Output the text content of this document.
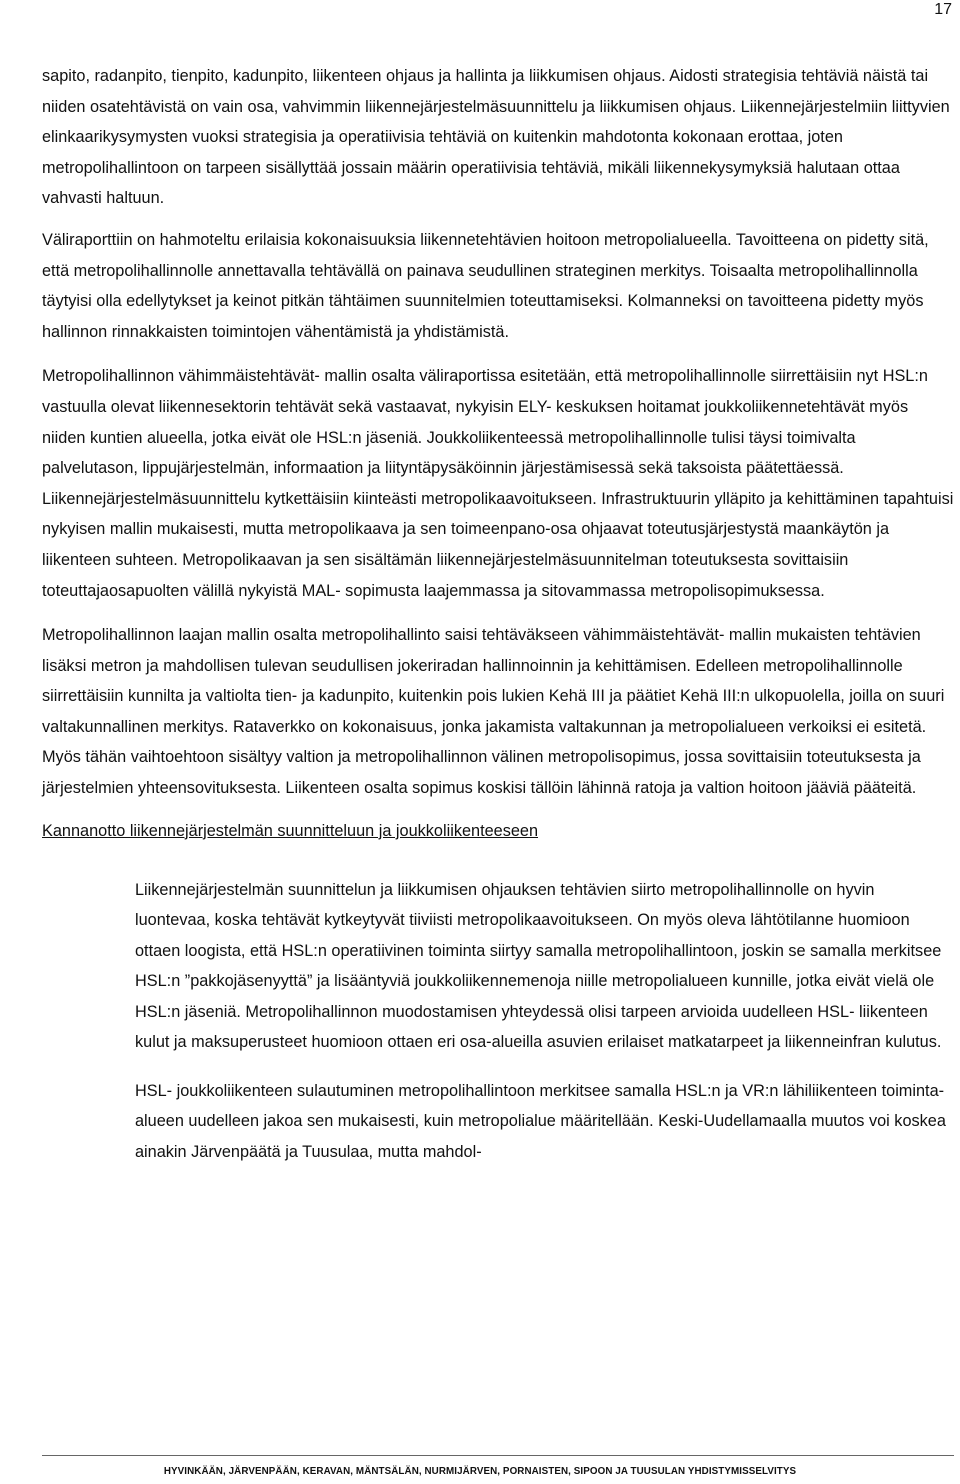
17

sapito, radanpito, tienpito, kadunpito, liikenteen ohjaus ja hallinta ja liikkumisen ohjaus. Aidosti strategisia tehtäviä näistä tai niiden osatehtävistä on vain osa, vahvimmin liikennejärjestelmäsuunnittelu ja liikkumisen ohjaus. Liikennejärjestelmiin liittyvien elinkaarikysymysten vuoksi strategisia ja operatiivisia tehtäviä on kuitenkin mahdotonta kokonaan erottaa, joten metropolihallintoon on tarpeen sisällyttää jossain määrin operatiivisia tehtäviä, mikäli liikennekysymyksiä halutaan ottaa vahvasti haltuun.

Väliraporttiin on hahmoteltu erilaisia kokonaisuuksia liikennetehtävien hoitoon metropolialueella. Tavoitteena on pidetty sitä, että metropolihallinnolle annettavalla tehtävällä on painava seudullinen strateginen merkitys. Toisaalta metropolihallinnolla täytyisi olla edellytykset ja keinot pitkän tähtäimen suunnitelmien toteuttamiseksi. Kolmanneksi on tavoitteena pidetty myös hallinnon rinnakkaisten toimintojen vähentämistä ja yhdistämistä.

Metropolihallinnon vähimmäistehtävät- mallin osalta väliraportissa esitetään, että metropolihallinnolle siirrettäisiin nyt HSL:n vastuulla olevat liikennesektorin tehtävät sekä vastaavat, nykyisin ELY- keskuksen hoitamat joukkoliikennetehtävät myös niiden kuntien alueella, jotka eivät ole HSL:n jäseniä. Joukkoliikenteessä metropolihallinnolle tulisi täysi toimivalta palvelutason, lippujärjestelmän, informaation ja liityntäpysäköinnin järjestämisessä sekä taksoista päätettäessä. Liikennejärjestelmäsuunnittelu kytkettäisiin kiinteästi metropolikaavoitukseen. Infrastruktuurin ylläpito ja kehittäminen tapahtuisi nykyisen mallin mukaisesti, mutta metropolikaava ja sen toimeenpano-osa ohjaavat toteutusjärjestystä maankäytön ja liikenteen suhteen. Metropolikaavan ja sen sisältämän liikennejärjestelmäsuunnitelman toteutuksesta sovittaisiin toteuttajaosapuolten välillä nykyistä MAL- sopimusta laajemmassa ja sitovammassa metropolisopimuksessa.

Metropolihallinnon laajan mallin osalta metropolihallinto saisi tehtäväkseen vähimmäistehtävät- mallin mukaisten tehtävien lisäksi metron ja mahdollisen tulevan seudullisen jokeriradan hallinnoinnin ja kehittämisen. Edelleen metropolihallinnolle siirrettäisiin kunnilta ja valtiolta tien- ja kadunpito, kuitenkin pois lukien Kehä III ja päätiet Kehä III:n ulkopuolella, joilla on suuri valtakunnallinen merkitys. Rataverkko on kokonaisuus, jonka jakamista valtakunnan ja metropolialueen verkoiksi ei esitetä. Myös tähän vaihtoehtoon sisältyy valtion ja metropolihallinnon välinen metropolisopimus, jossa sovittaisiin toteutuksesta ja järjestelmien yhteensovituksesta. Liikenteen osalta sopimus koskisi tällöin lähinnä ratoja ja valtion hoitoon jääviä pääteitä.

Kannanotto liikennejärjestelmän suunnitteluun ja joukkoliikenteeseen

Liikennejärjestelmän suunnittelun ja liikkumisen ohjauksen tehtävien siirto metropolihallinnolle on hyvin luontevaa, koska tehtävät kytkeytyvät tiiviisti metropolikaavoitukseen. On myös oleva lähtötilanne huomioon ottaen loogista, että HSL:n operatiivinen toiminta siirtyy samalla metropolihallintoon, joskin se samalla merkitsee HSL:n ”pakkojäsenyyttä” ja lisääntyviä joukkoliikennemenoja niille metropolialueen kunnille, jotka eivät vielä ole HSL:n jäseniä. Metropolihallinnon muodostamisen yhteydessä olisi tarpeen arvioida uudelleen HSL- liikenteen kulut ja maksuperusteet huomioon ottaen eri osa-alueilla asuvien erilaiset matkatarpeet ja liikenneinfran kulutus.

HSL- joukkoliikenteen sulautuminen metropolihallintoon merkitsee samalla HSL:n ja VR:n lähiliikenteen toiminta-alueen uudelleen jakoa sen mukaisesti, kuin metropolialue määritellään. Keski-Uudellamaalla muutos voi koskea ainakin Järvenpäätä ja Tuusulaa, mutta mahdol-

HYVINKÄÄN, JÄRVENPÄÄN, KERAVAN, MÄNTSÄLÄN, NURMIJÄRVEN, PORNAISTEN, SIPOON JA TUUSULAN YHDISTYMISSELVITYS
